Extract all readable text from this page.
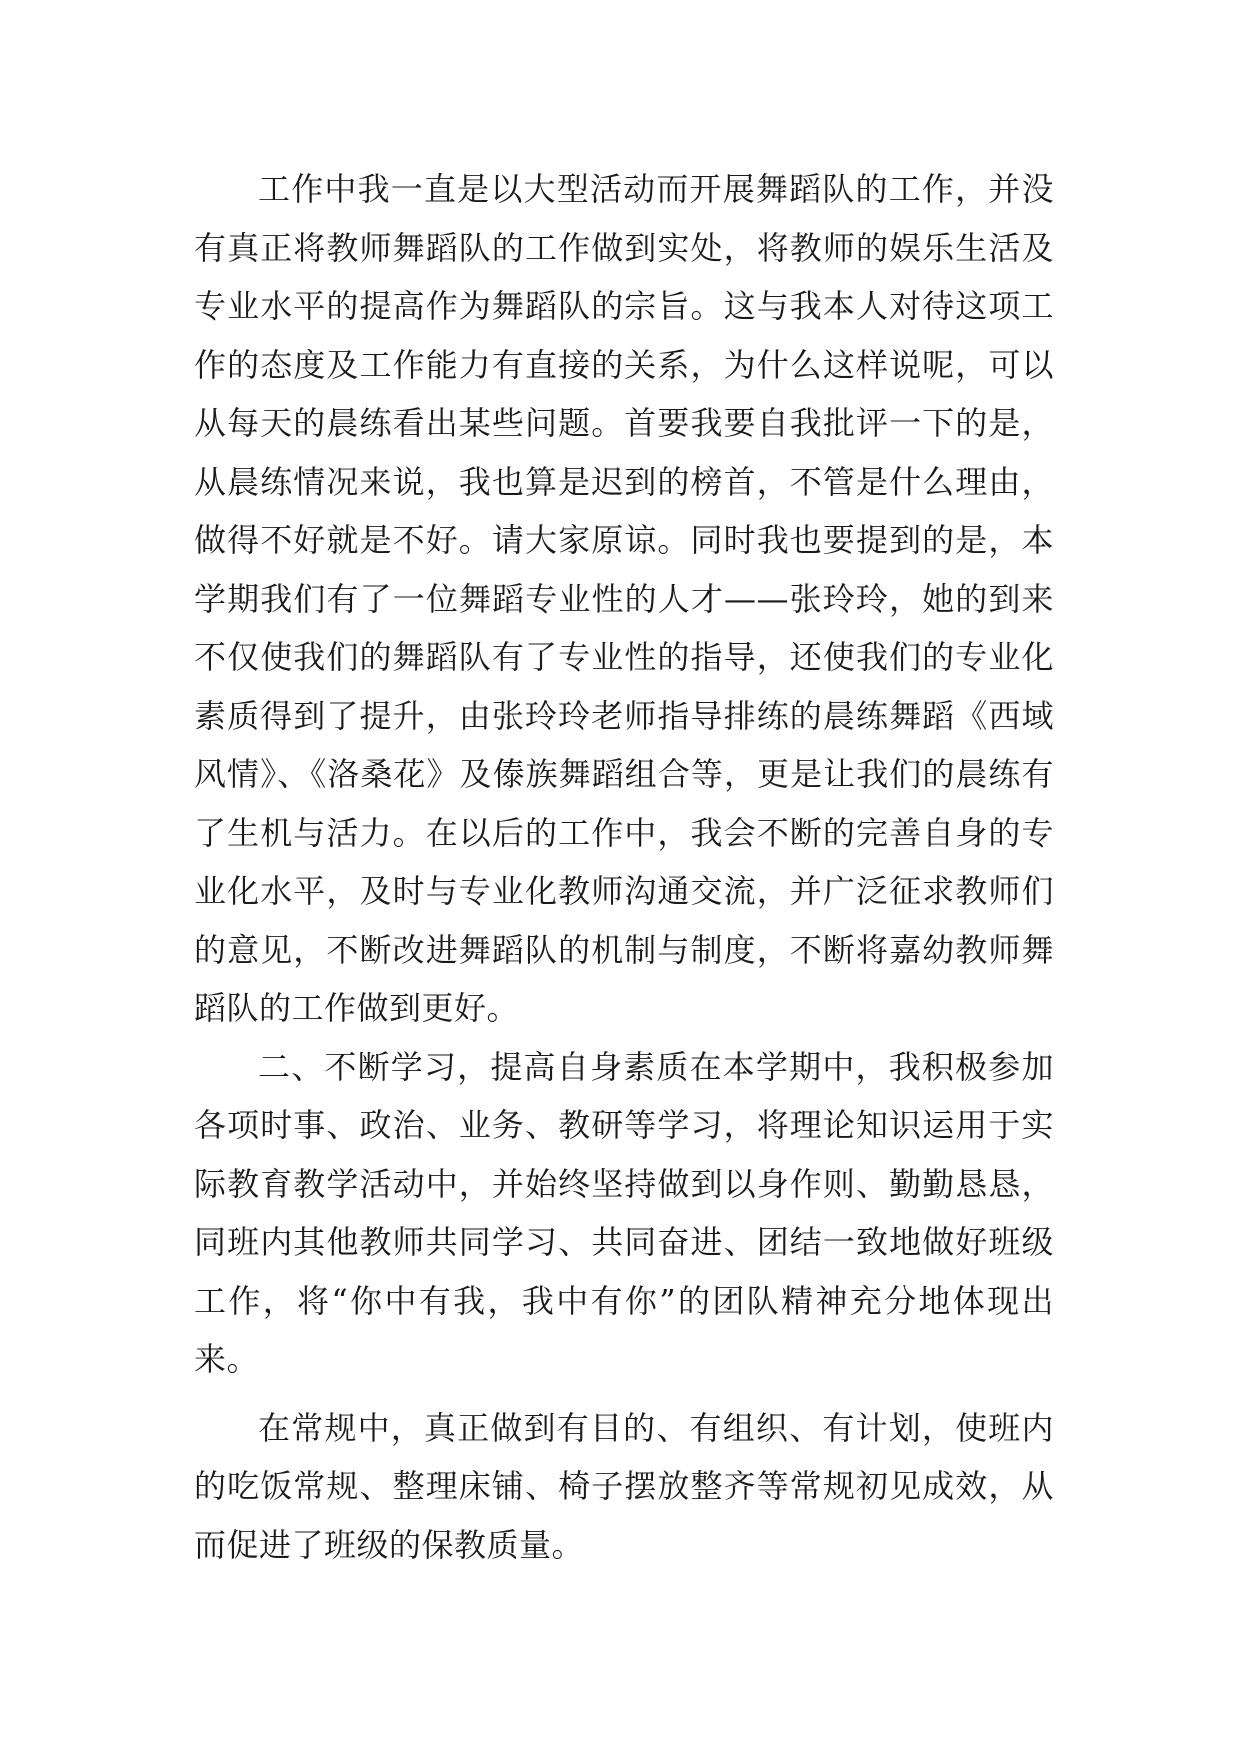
工作中我一直是以大型活动而开展舞蹈队的工作，并没
有真正将教师舞蹈队的工作做到实处，将教师的娱乐生活及
专业水平的提高作为舞蹈队的宗旨。这与我本人对待这项工
作的态度及工作能力有直接的关系，为什么这样说呢，可以
从每天的晨练看出某些问题。首要我要自我批评一下的是，
从晨练情况来说，我也算是迟到的榜首，不管是什么理由，
做得不好就是不好。请大家原谅。同时我也要提到的是，本
学期我们有了一位舞蹈专业性的人才——张玲玲，她的到来
不仅使我们的舞蹈队有了专业性的指导，还使我们的专业化
素质得到了提升，由张玲玲老师指导排练的晨练舞蹈《西域
风情》、《洛桑花》及傣族舞蹈组合等，更是让我们的晨练有
了生机与活力。在以后的工作中，我会不断的完善自身的专
业化水平，及时与专业化教师沟通交流，并广泛征求教师们
的意见，不断改进舞蹈队的机制与制度，不断将嘉幼教师舞
蹈队的工作做到更好。
二、不断学习，提高自身素质在本学期中，我积极参加
各项时事、政治、业务、教研等学习，将理论知识运用于实
际教育教学活动中，并始终坚持做到以身作则、勤勤恳恳，
同班内其他教师共同学习、共同奋进、团结一致地做好班级
工作，将“你中有我，我中有你”的团队精神充分地体现出
来。
在常规中，真正做到有目的、有组织、有计划，使班内
的吃饭常规、整理床铺、椅子摆放整齐等常规初见成效，从
而促进了班级的保教质量。
